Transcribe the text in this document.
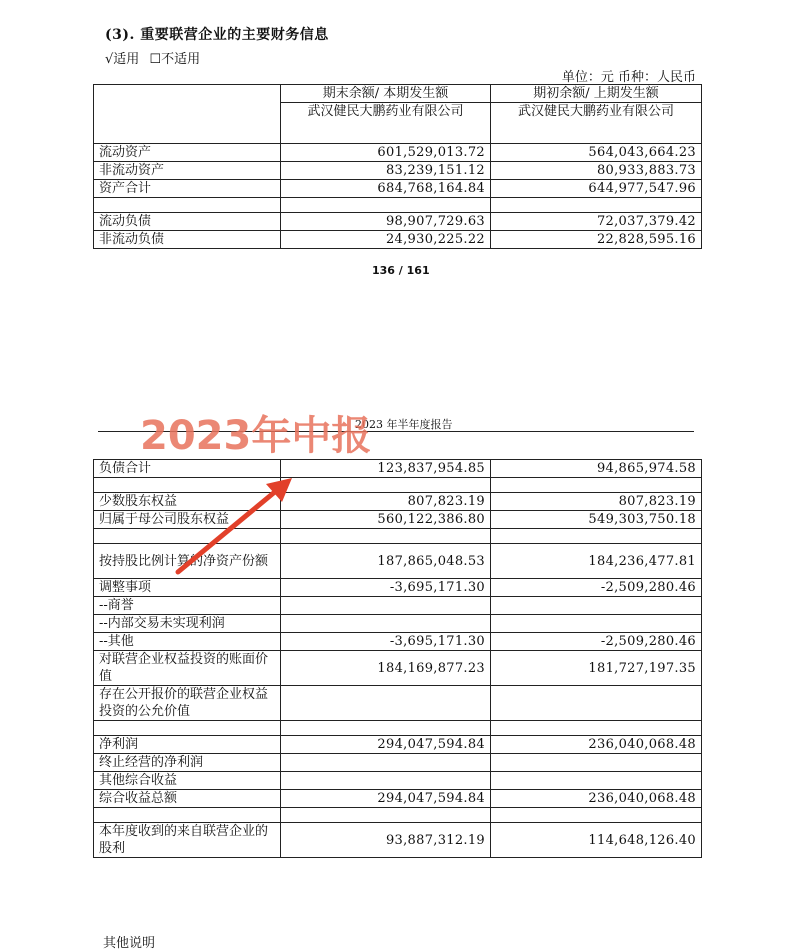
(3). 重要联营企业的主要财务信息
√适用 ☐不适用
单位：元 币种：人民币
	期末余额/ 本期发生额	期初余额/ 上期发生额
	武汉健民大鹏药业有限公司	武汉健民大鹏药业有限公司

流动资产	601,529,013.72	564,043,664.23
非流动资产	83,239,151.12	80,933,883.73
资产合计	684,768,164.84	644,977,547.96

流动负债	98,907,729.63	72,037,379.42
非流动负债	24,930,225.22	22,828,595.16
136 / 161
2023 年半年度报告
2023年中报
负债合计	123,837,954.85	94,865,974.58

少数股东权益	807,823.19	807,823.19
归属于母公司股东权益	560,122,386.80	549,303,750.18

按持股比例计算的净资产份额	187,865,048.53	184,236,477.81
调整事项	-3,695,171.30	-2,509,280.46
--商誉		
--内部交易未实现利润		
--其他	-3,695,171.30	-2,509,280.46
对联营企业权益投资的账面价值	184,169,877.23	181,727,197.35
存在公开报价的联营企业权益投资的公允价值		

净利润	294,047,594.84	236,040,068.48
终止经营的净利润		
其他综合收益		
综合收益总额	294,047,594.84	236,040,068.48

本年度收到的来自联营企业的股利	93,887,312.19	114,648,126.40
其他说明
